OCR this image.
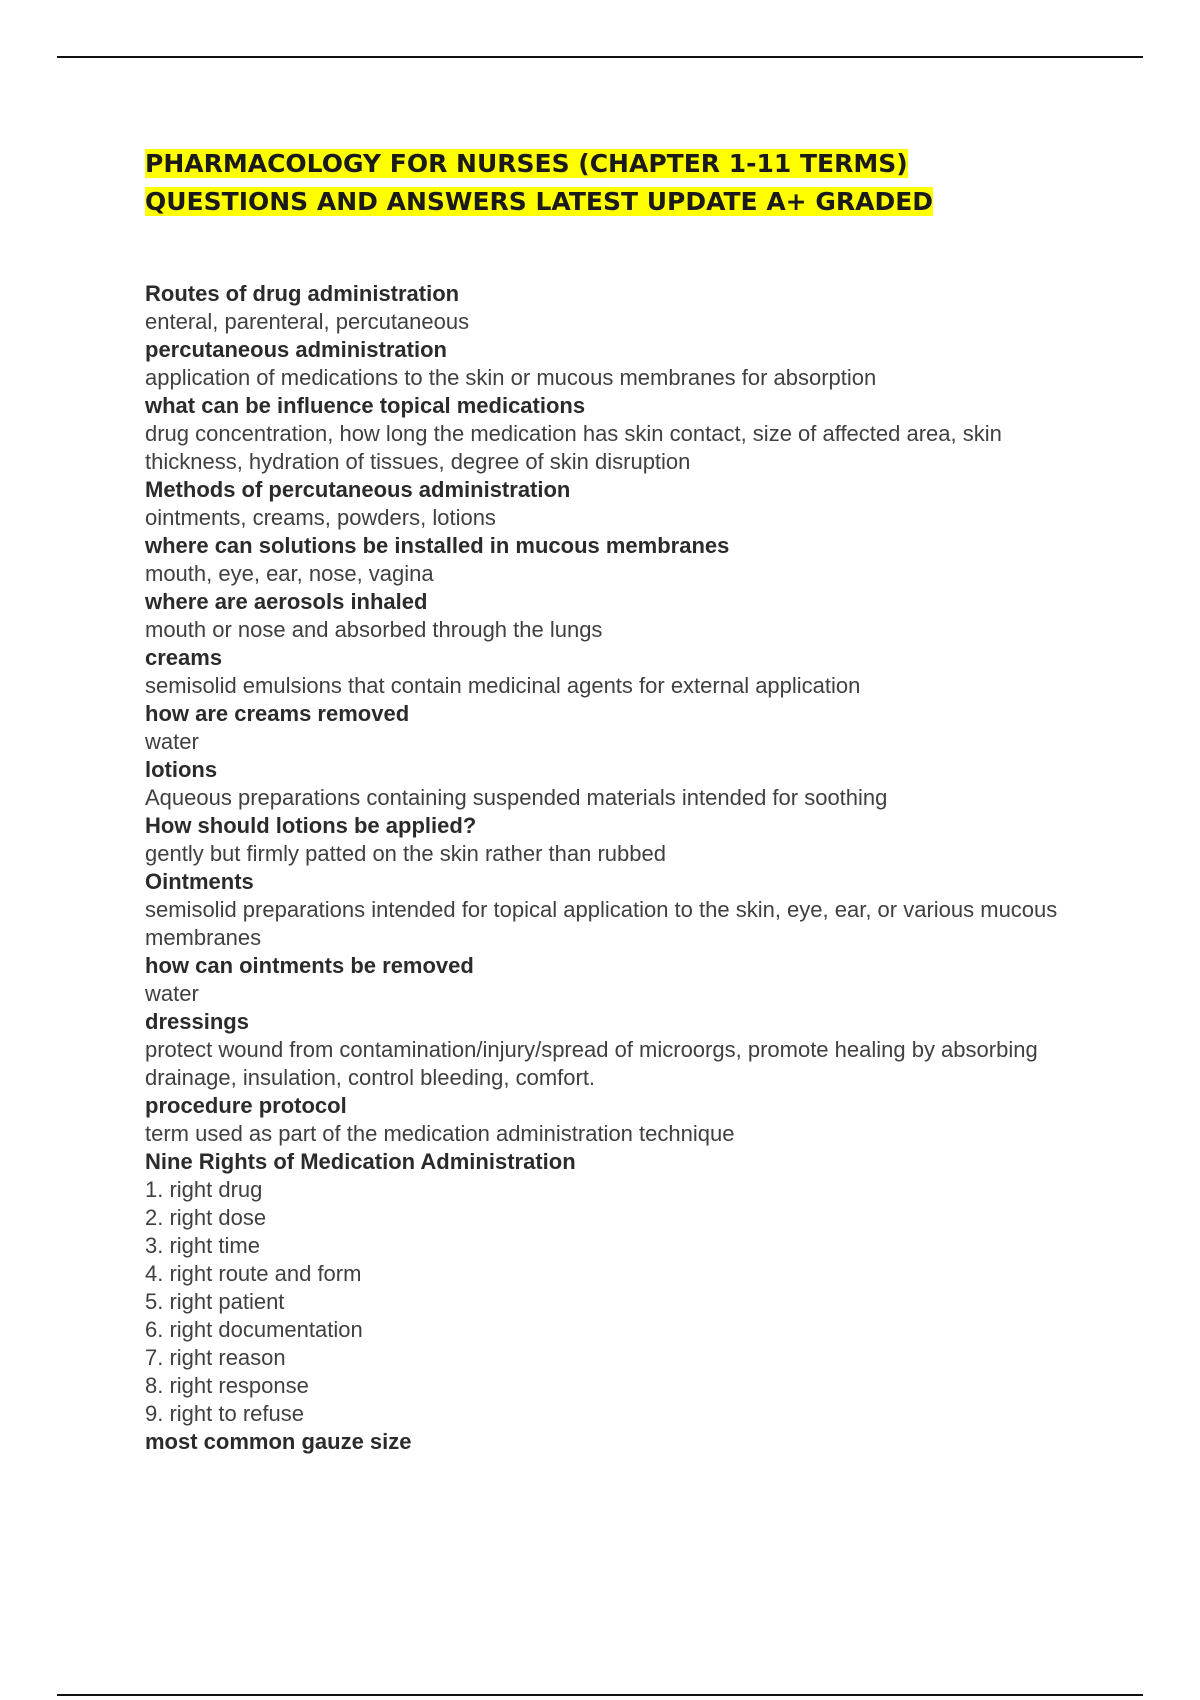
PHARMACOLOGY FOR NURSES (CHAPTER 1-11 TERMS) QUESTIONS AND ANSWERS LATEST UPDATE A+ GRADED
Routes of drug administration
enteral, parenteral, percutaneous
percutaneous administration
application of medications to the skin or mucous membranes for absorption
what can be influence topical medications
drug concentration, how long the medication has skin contact, size of affected area, skin thickness, hydration of tissues, degree of skin disruption
Methods of percutaneous administration
ointments, creams, powders, lotions
where can solutions be installed in mucous membranes
mouth, eye, ear, nose, vagina
where are aerosols inhaled
mouth or nose and absorbed through the lungs
creams
semisolid emulsions that contain medicinal agents for external application
how are creams removed
water
lotions
Aqueous preparations containing suspended materials intended for soothing
How should lotions be applied?
gently but firmly patted on the skin rather than rubbed
Ointments
semisolid preparations intended for topical application to the skin, eye, ear, or various mucous membranes
how can ointments be removed
water
dressings
protect wound from contamination/injury/spread of microorgs, promote healing by absorbing drainage, insulation, control bleeding, comfort.
procedure protocol
term used as part of the medication administration technique
Nine Rights of Medication Administration
1. right drug
2. right dose
3. right time
4. right route and form
5. right patient
6. right documentation
7. right reason
8. right response
9. right to refuse
most common gauze size
